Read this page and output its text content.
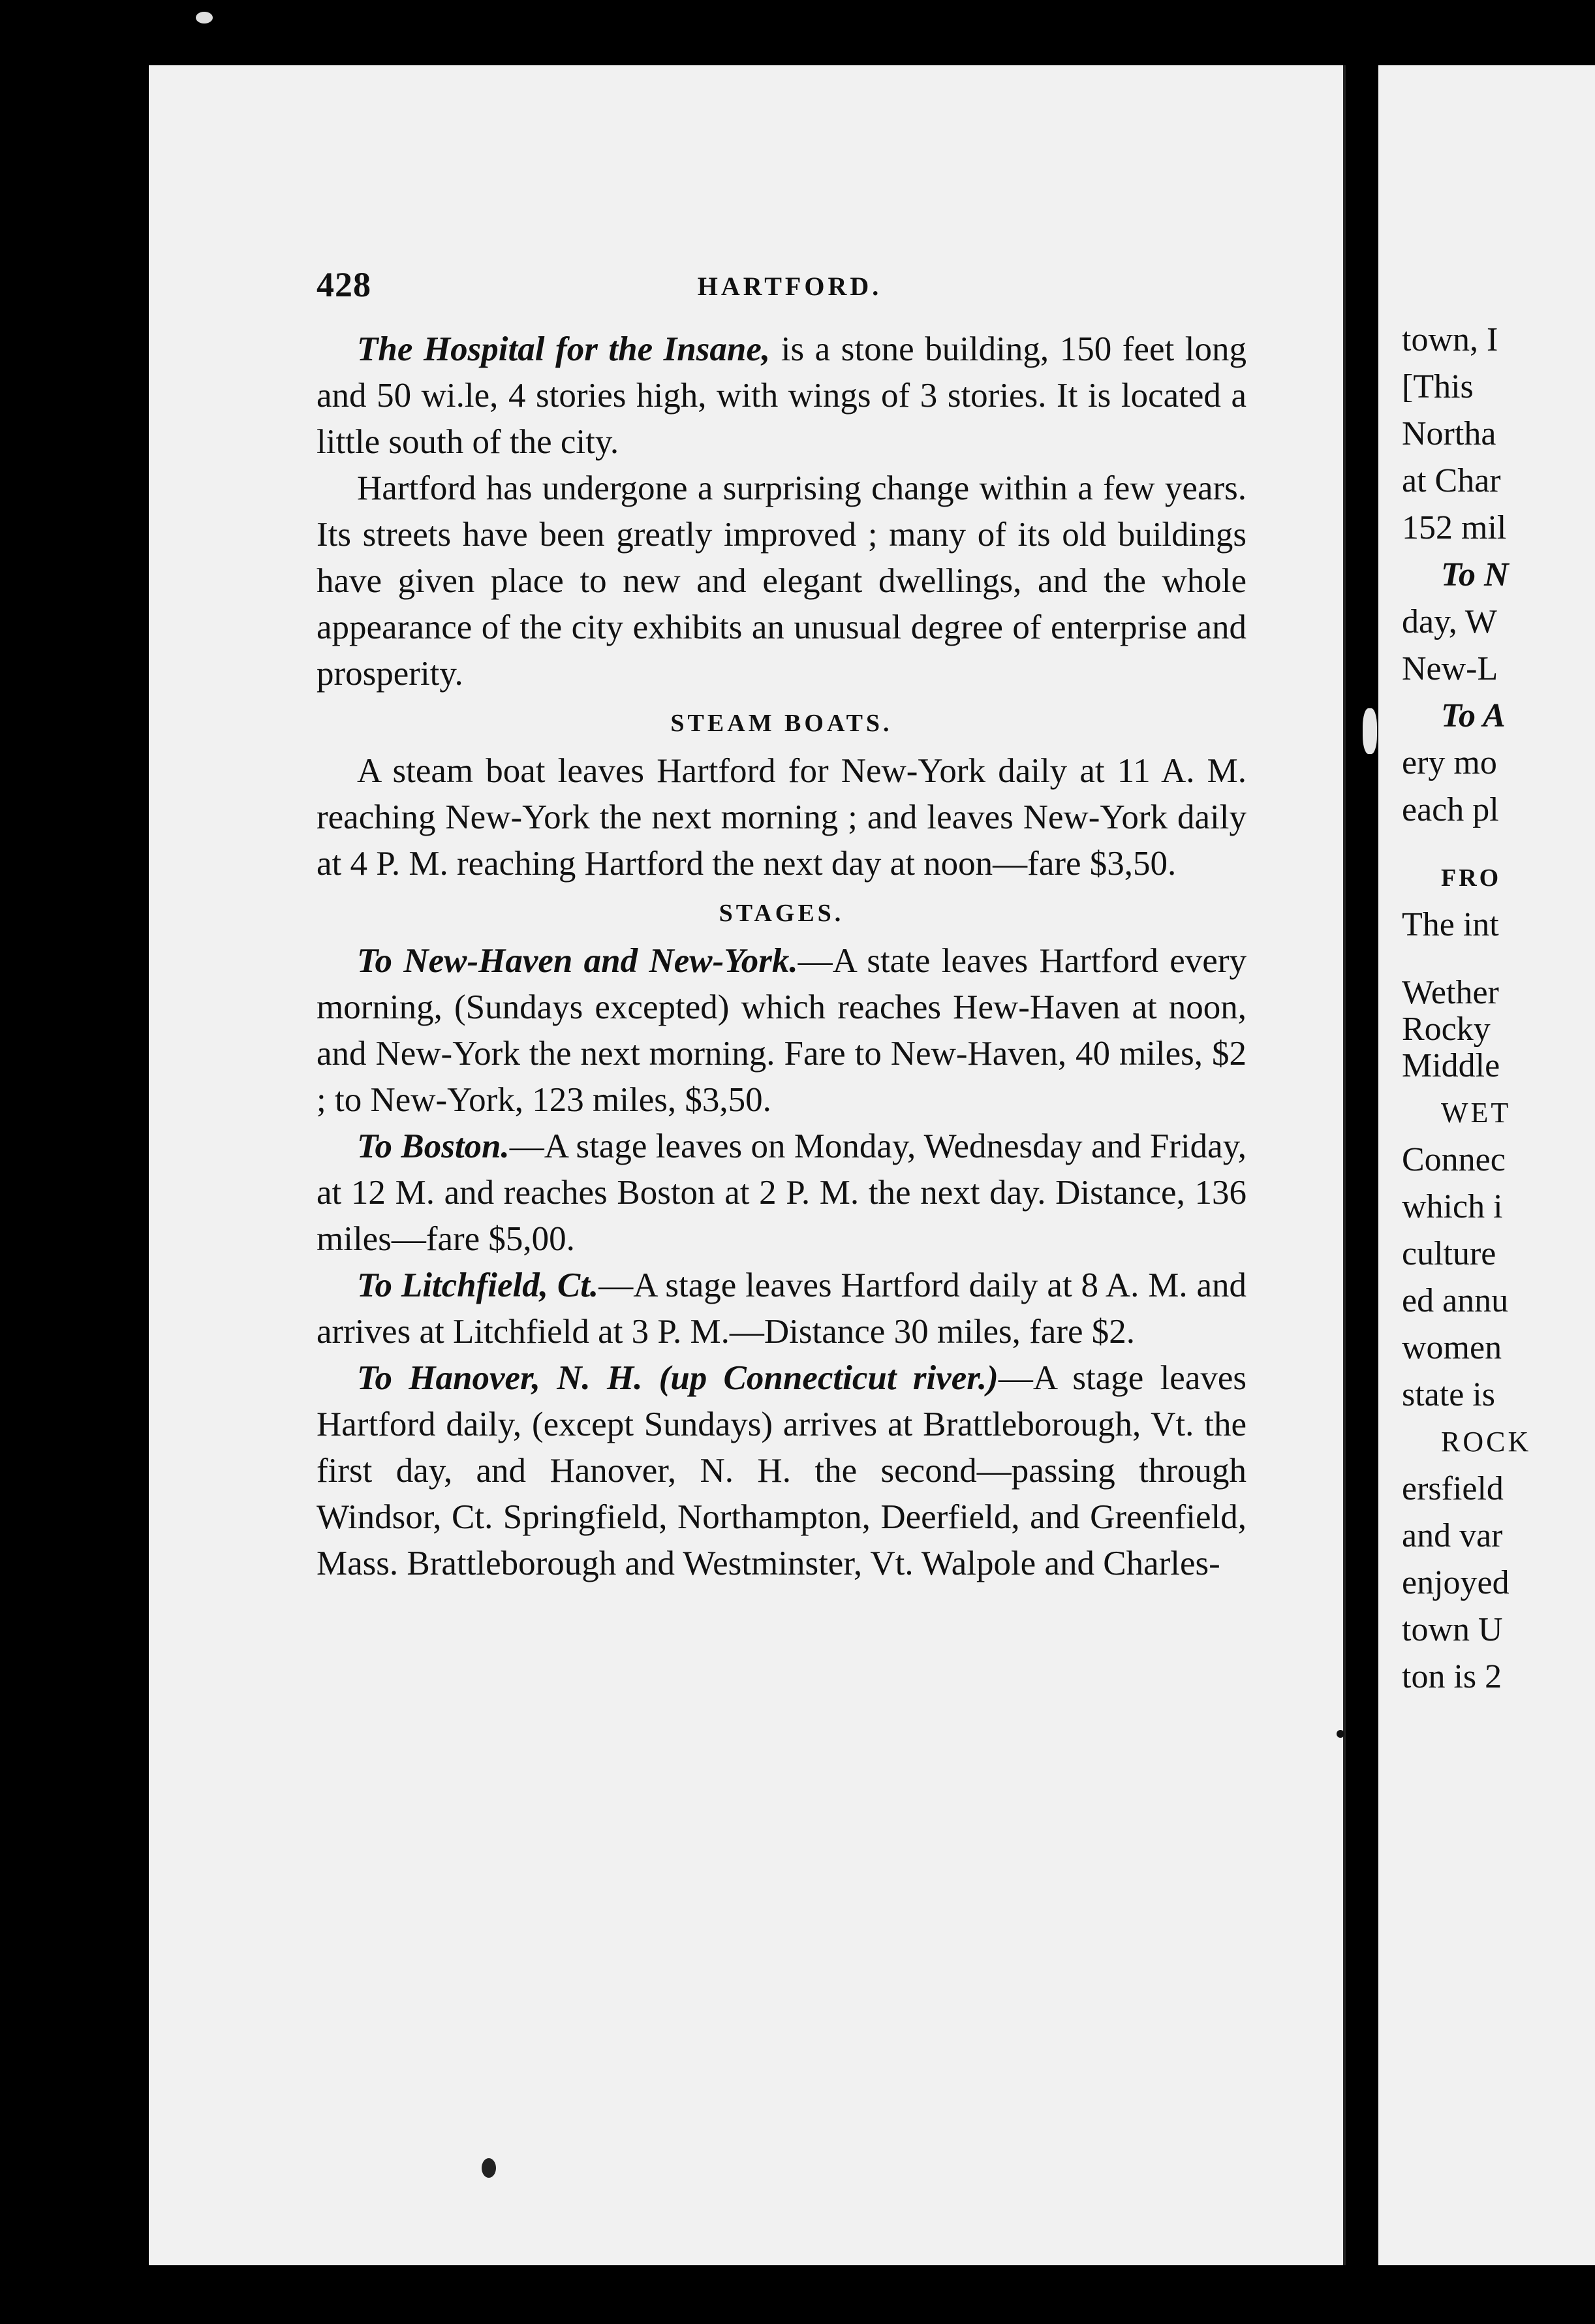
428	HARTFORD.

The Hospital for the Insane, is a stone building, 150 feet long and 50 wi.le, 4 stories high, with wings of 3 stories. It is located a little south of the city.

Hartford has undergone a surprising change within a few years. Its streets have been greatly improved ; many of its old buildings have given place to new and elegant dwellings, and the whole appearance of the city exhibits an unusual degree of enterprise and prosperity.

STEAM BOATS.

A steam boat leaves Hartford for New-York daily at 11 A. M. reaching New-York the next morning ; and leaves New-York daily at 4 P. M. reaching Hartford the next day at noon—fare $3,50.

STAGES.

To New-Haven and New-York.—A state leaves Hartford every morning, (Sundays excepted) which reaches Hew-Haven at noon, and New-York the next morning. Fare to New-Haven, 40 miles, $2 ; to New-York, 123 miles, $3,50.

To Boston.—A stage leaves on Monday, Wednesday and Friday, at 12 M. and reaches Boston at 2 P. M. the next day. Distance, 136 miles—fare $5,00.

To Litchfield, Ct.—A stage leaves Hartford daily at 8 A. M. and arrives at Litchfield at 3 P. M.—Distance 30 miles, fare $2.

To Hanover, N. H. (up Connecticut river.)—A stage leaves Hartford daily, (except Sundays) arrives at Brattleborough, Vt. the first day, and Hanover, N. H. the second—passing through Windsor, Ct. Springfield, Northampton, Deerfield, and Greenfield, Mass. Brattleborough and Westminster, Vt. Walpole and Charles-

town, I
[This
Northa
at Char
152 mil
To N
day, W
New-L
To A
ery mo
each pl
FRO
The int
Wether
Rocky
Middle
WET
Connec
which i
culture
ed annu
women
state is
ROCK
ersfield
and var
enjoyed
town U
ton is 2
